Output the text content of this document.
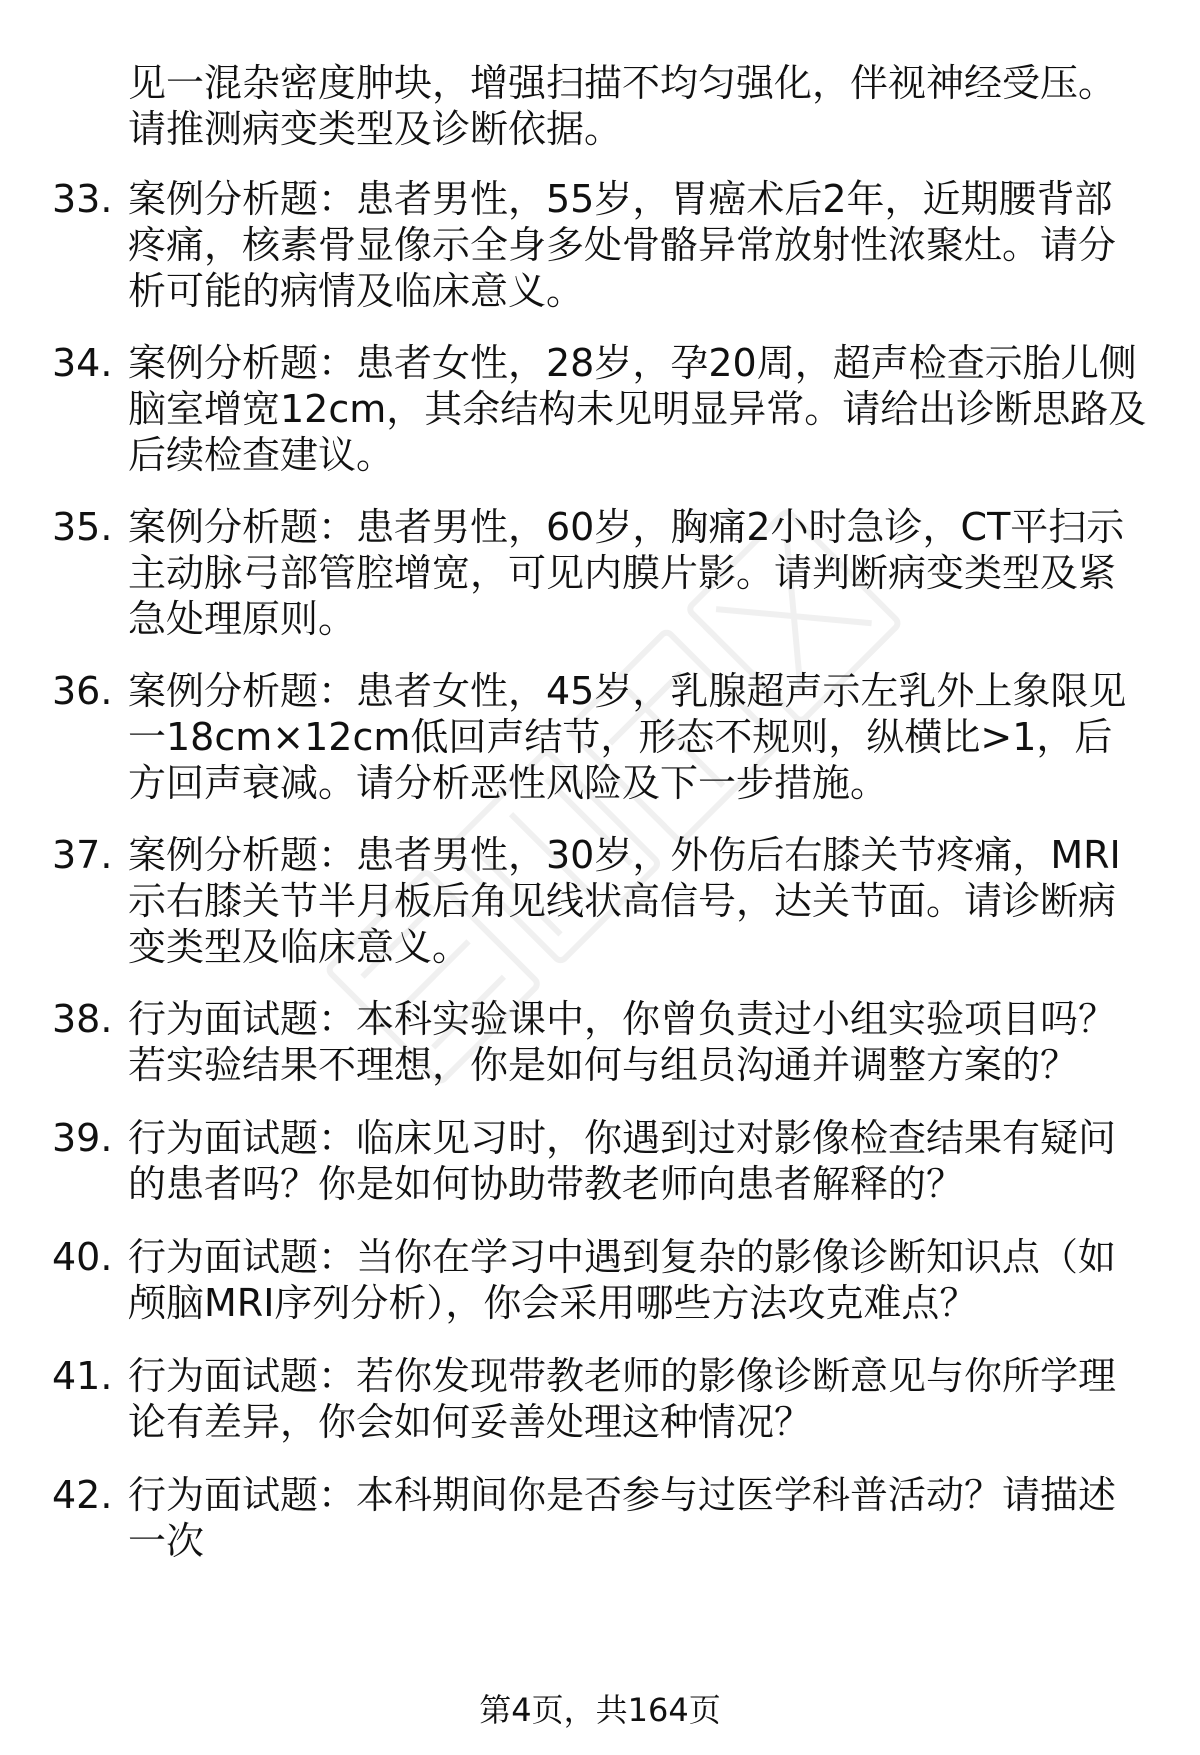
见一混杂密度肿块，增强扫描不均匀强化，伴视神经受压。请推测病变类型及诊断依据。

33. 案例分析题：患者男性，55岁，胃癌术后2年，近期腰背部疼痛，核素骨显像示全身多处骨骼异常放射性浓聚灶。请分析可能的病情及临床意义。

34. 案例分析题：患者女性，28岁，孕20周，超声检查示胎儿侧脑室增宽12cm，其余结构未见明显异常。请给出诊断思路及后续检查建议。

35. 案例分析题：患者男性，60岁，胸痛2小时急诊，CT平扫示主动脉弓部管腔增宽，可见内膜片影。请判断病变类型及紧急处理原则。

36. 案例分析题：患者女性，45岁，乳腺超声示左乳外上象限见一18cm×12cm低回声结节，形态不规则，纵横比>1，后方回声衰减。请分析恶性风险及下一步措施。

37. 案例分析题：患者男性，30岁，外伤后右膝关节疼痛，MRI示右膝关节半月板后角见线状高信号，达关节面。请诊断病变类型及临床意义。

38. 行为面试题：本科实验课中，你曾负责过小组实验项目吗？若实验结果不理想，你是如何与组员沟通并调整方案的？

39. 行为面试题：临床见习时，你遇到过对影像检查结果有疑问的患者吗？你是如何协助带教老师向患者解释的？

40. 行为面试题：当你在学习中遇到复杂的影像诊断知识点（如颅脑MRI序列分析），你会采用哪些方法攻克难点？

41. 行为面试题：若你发现带教老师的影像诊断意见与你所学理论有差异，你会如何妥善处理这种情况？

42. 行为面试题：本科期间你是否参与过医学科普活动？请描述一次

第4页，共164页
